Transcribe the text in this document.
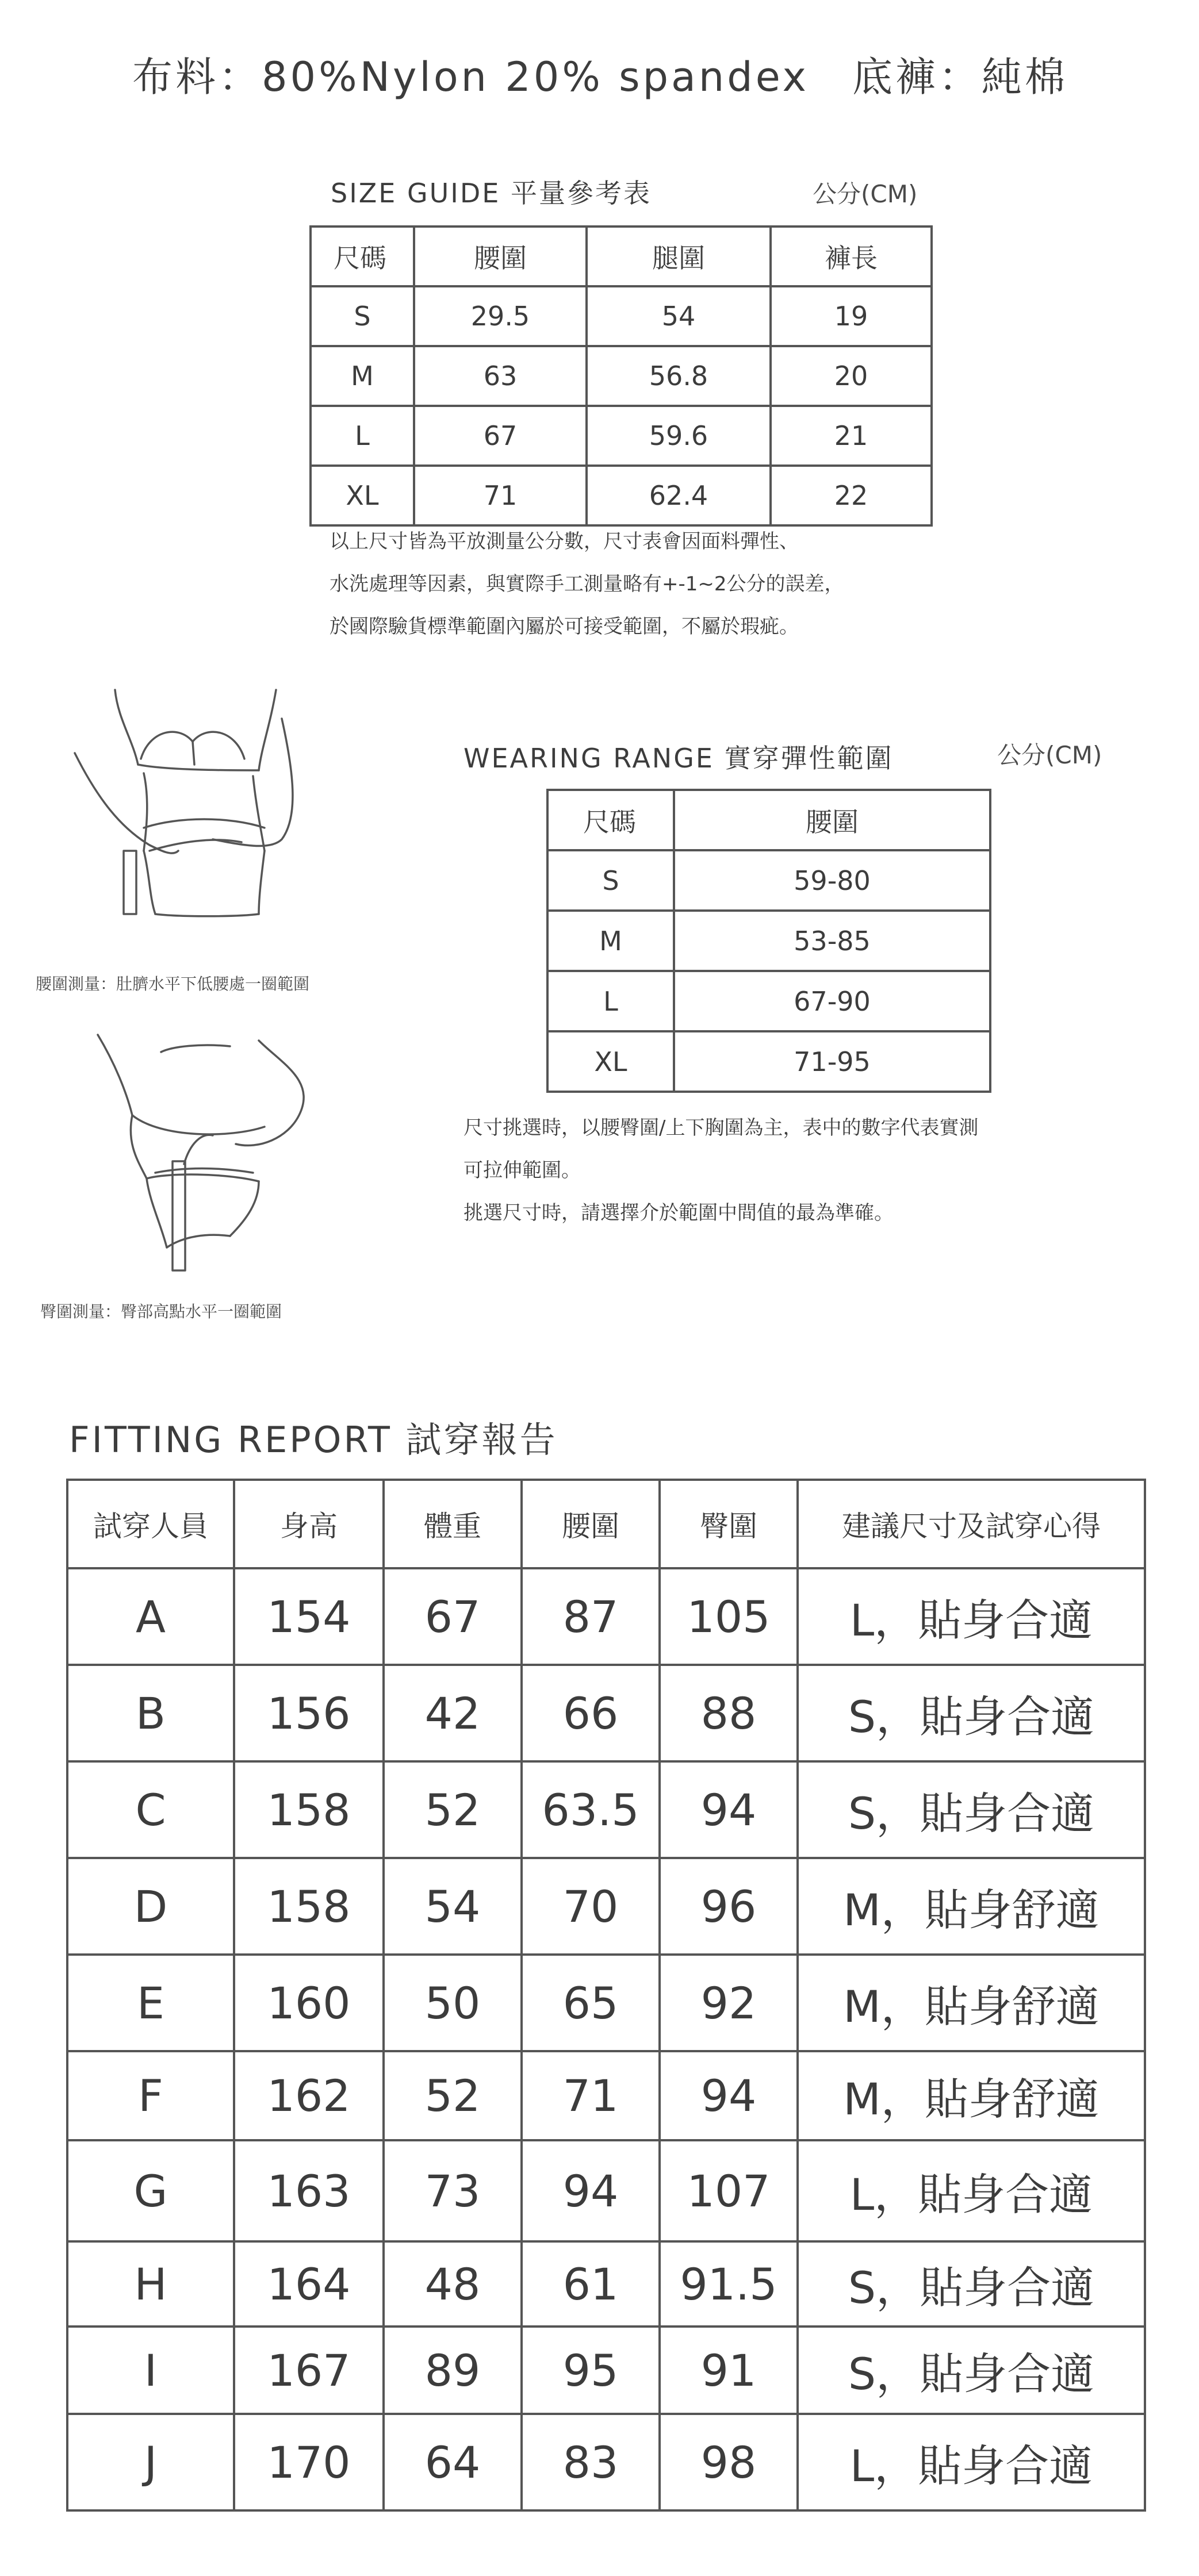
布料：80%Nylon 20% spandex　底褲：純棉
SIZE GUIDE 平量參考表	公分(CM)
尺碼	腰圍	腿圍	褲長
S	29.5	54	19
M	63	56.8	20
L	67	59.6	21
XL	71	62.4	22
以上尺寸皆為平放測量公分數，尺寸表會因面料彈性、
水洗處理等因素，與實際手工測量略有+-1~2公分的誤差，
於國際驗貨標準範圍內屬於可接受範圍，不屬於瑕疵。
腰圍測量：肚臍水平下低腰處一圈範圍
臀圍測量：臀部高點水平一圈範圍
WEARING RANGE 實穿彈性範圍	公分(CM)
尺碼	腰圍
S	59-80
M	53-85
L	67-90
XL	71-95
尺寸挑選時，以腰臀圍/上下胸圍為主，表中的數字代表實測
可拉伸範圍。
挑選尺寸時，請選擇介於範圍中間值的最為準確。
FITTING REPORT 試穿報告
試穿人員	身高	體重	腰圍	臀圍	建議尺寸及試穿心得
A	154	67	87	105	L，貼身合適
B	156	42	66	88	S，貼身合適
C	158	52	63.5	94	S，貼身合適
D	158	54	70	96	M，貼身舒適
E	160	50	65	92	M，貼身舒適
F	162	52	71	94	M，貼身舒適
G	163	73	94	107	L，貼身合適
H	164	48	61	91.5	S，貼身合適
I	167	89	95	91	S，貼身合適
J	170	64	83	98	L，貼身合適
